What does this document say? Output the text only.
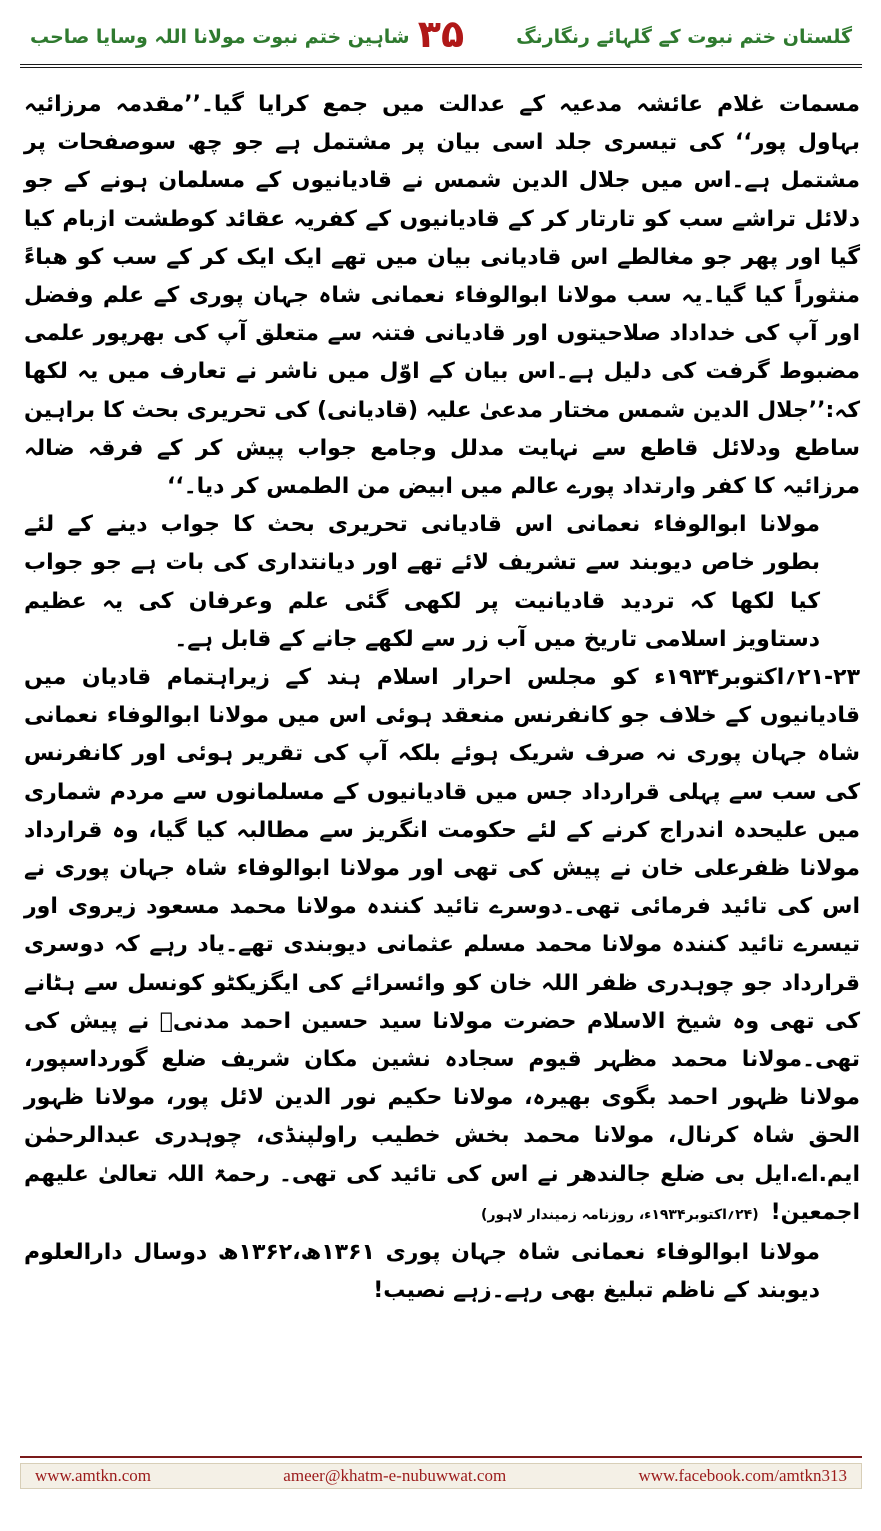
گلستان ختم نبوت کے گلہائے رنگارنگ
۳۵
شاہین ختم نبوت مولانا اللہ وسایا صاحب

مسمات غلام عائشہ مدعیہ کے عدالت میں جمع کرایا گیا۔’’مقدمہ مرزائیہ بہاول پور‘‘ کی تیسری جلد اسی بیان پر مشتمل ہے جو چھ سوصفحات پر مشتمل ہے۔اس میں جلال الدین شمس نے قادیانیوں کے مسلمان ہونے کے جو دلائل تراشے سب کو تارتار کر کے قادیانیوں کے کفریہ عقائد کوطشت ازبام کیا گیا اور پھر جو مغالطے اس قادیانی بیان میں تھے ایک ایک کر کے سب کو ھباءً منثوراً کیا گیا۔یہ سب مولانا ابوالوفاء نعمانی شاہ جہان پوری کے علم وفضل اور آپ کی خداداد صلاحیتوں اور قادیانی فتنہ سے متعلق آپ کی بھرپور علمی مضبوط گرفت کی دلیل ہے۔اس بیان کے اوّل میں ناشر نے تعارف میں یہ لکھا کہ:’’جلال الدین شمس مختار مدعیٰ علیہ (قادیانی) کی تحریری بحث کا براہین ساطع ودلائل قاطع سے نہایت مدلل وجامع جواب پیش کر کے فرقہ ضالہ مرزائیہ کا کفر وارتداد پورے عالم میں ابیض من الطمس کر دیا۔‘‘

مولانا ابوالوفاء نعمانی اس قادیانی تحریری بحث کا جواب دینے کے لئے بطور خاص دیوبند سے تشریف لائے تھے اور دیانتداری کی بات ہے جو جواب کیا لکھا کہ تردید قادیانیت پر لکھی گئی علم وعرفان کی یہ عظیم دستاویز اسلامی تاریخ میں آب زر سے لکھے جانے کے قابل ہے۔

۲۱-۲۳؍اکتوبر۱۹۳۴ء کو مجلس احرار اسلام ہند کے زیراہتمام قادیان میں قادیانیوں کے خلاف جو کانفرنس منعقد ہوئی اس میں مولانا ابوالوفاء نعمانی شاہ جہان پوری نہ صرف شریک ہوئے بلکہ آپ کی تقریر ہوئی اور کانفرنس کی سب سے پہلی قرارداد جس میں قادیانیوں کے مسلمانوں سے مردم شماری میں علیحدہ اندراج کرنے کے لئے حکومت انگریز سے مطالبہ کیا گیا، وہ قرارداد مولانا ظفرعلی خان نے پیش کی تھی اور مولانا ابوالوفاء شاہ جہان پوری نے اس کی تائید فرمائی تھی۔دوسرے تائید کنندہ مولانا محمد مسعود زیروی اور تیسرے تائید کنندہ مولانا محمد مسلم عثمانی دیوبندی تھے۔یاد رہے کہ دوسری قرارداد جو چوہدری ظفر اللہ خان کو وائسرائے کی ایگزیکٹو کونسل سے ہٹانے کی تھی وہ شیخ الاسلام حضرت مولانا سید حسین احمد مدنیؒ نے پیش کی تھی۔مولانا محمد مظہر قیوم سجادہ نشین مکان شریف ضلع گورداسپور، مولانا ظہور احمد بگوی بھیرہ، مولانا حکیم نور الدین لائل پور، مولانا ظہور الحق شاہ کرنال، مولانا محمد بخش خطیب راولپنڈی، چوہدری عبدالرحمٰن ایم.اے.ایل بی ضلع جالندھر نے اس کی تائید کی تھی۔ رحمۃ اللہ تعالیٰ علیھم اجمعین!(۲۴؍اکتوبر۱۹۳۴ء، روزنامہ زمیندار لاہور)

مولانا ابوالوفاء نعمانی شاہ جہان پوری ۱۳۶۱ھ،۱۳۶۲ھ دوسال دارالعلوم دیوبند کے ناظم تبلیغ بھی رہے۔زہے نصیب!

www.amtkn.com	ameer@khatm-e-nubuwwat.com	www.facebook.com/amtkn313
